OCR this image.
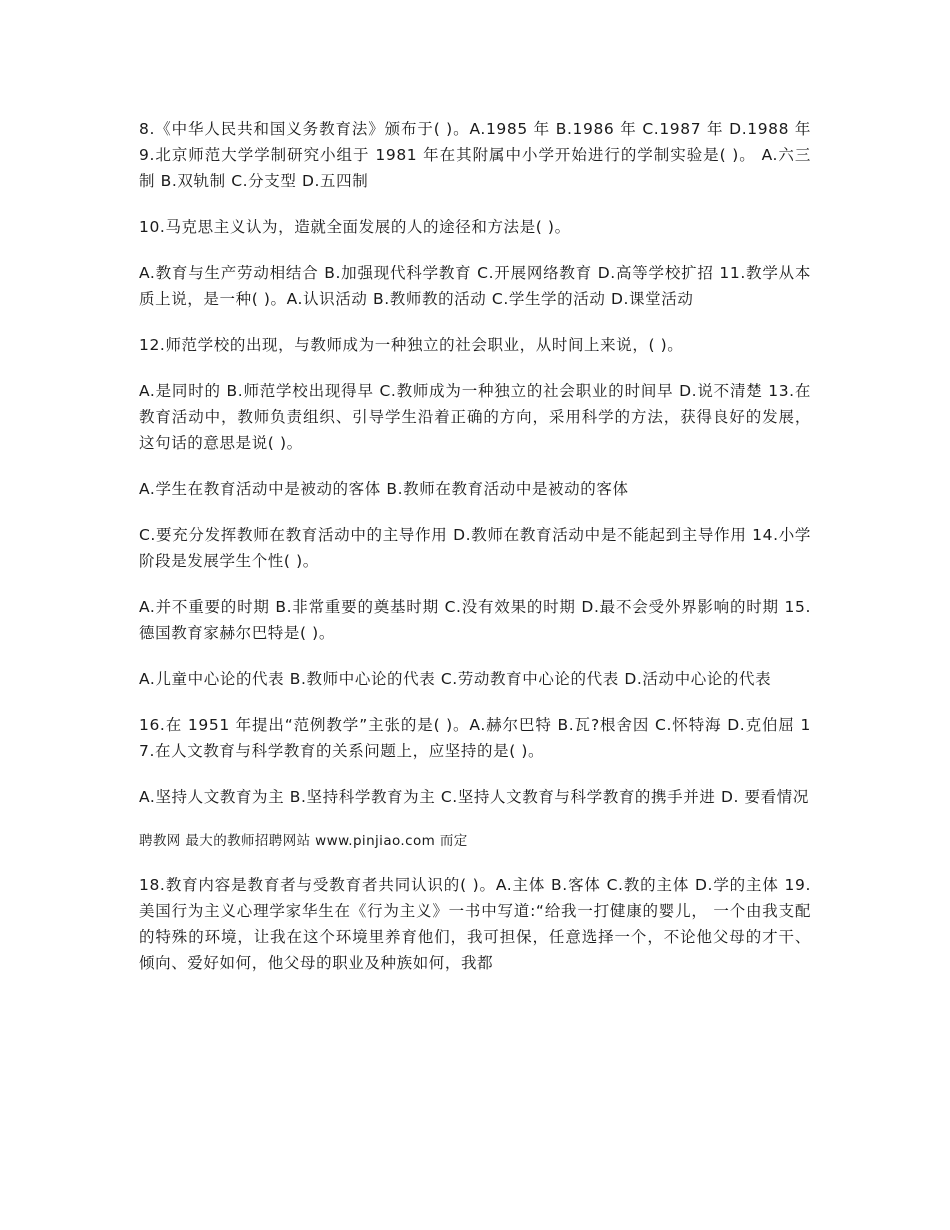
8.《中华人民共和国义务教育法》颁布于( )。A.1985 年 B.1986 年 C.1987 年 D.1988 年 9.北京师范大学学制研究小组于 1981 年在其附属中小学开始进行的学制实验是( )。 A.六三制 B.双轨制 C.分支型 D.五四制

10.马克思主义认为，造就全面发展的人的途径和方法是( )。

A.教育与生产劳动相结合 B.加强现代科学教育 C.开展网络教育 D.高等学校扩招 11.教学从本质上说，是一种( )。A.认识活动 B.教师教的活动 C.学生学的活动 D.课堂活动

12.师范学校的出现，与教师成为一种独立的社会职业，从时间上来说，( )。

A.是同时的 B.师范学校出现得早 C.教师成为一种独立的社会职业的时间早 D.说不清楚 13.在教育活动中，教师负责组织、引导学生沿着正确的方向，采用科学的方法，获得良好的发展，这句话的意思是说( )。

A.学生在教育活动中是被动的客体 B.教师在教育活动中是被动的客体

C.要充分发挥教师在教育活动中的主导作用 D.教师在教育活动中是不能起到主导作用 14.小学阶段是发展学生个性( )。

A.并不重要的时期 B.非常重要的奠基时期 C.没有效果的时期 D.最不会受外界影响的时期 15.德国教育家赫尔巴特是( )。

A.儿童中心论的代表 B.教师中心论的代表 C.劳动教育中心论的代表 D.活动中心论的代表

16.在 1951 年提出“范例教学”主张的是( )。A.赫尔巴特 B.瓦?根舍因 C.怀特海 D.克伯屈 17.在人文教育与科学教育的关系问题上，应坚持的是( )。

A.坚持人文教育为主 B.坚持科学教育为主 C.坚持人文教育与科学教育的携手并进 D. 要看情况

聘教网 最大的教师招聘网站 www.pinjiao.com 而定

18.教育内容是教育者与受教育者共同认识的( )。A.主体 B.客体 C.教的主体 D.学的主体 19.美国行为主义心理学家华生在《行为主义》一书中写道:“给我一打健康的婴儿， 一个由我支配的特殊的环境，让我在这个环境里养育他们，我可担保，任意选择一个，不论他父母的才干、倾向、爱好如何，他父母的职业及种族如何，我都
